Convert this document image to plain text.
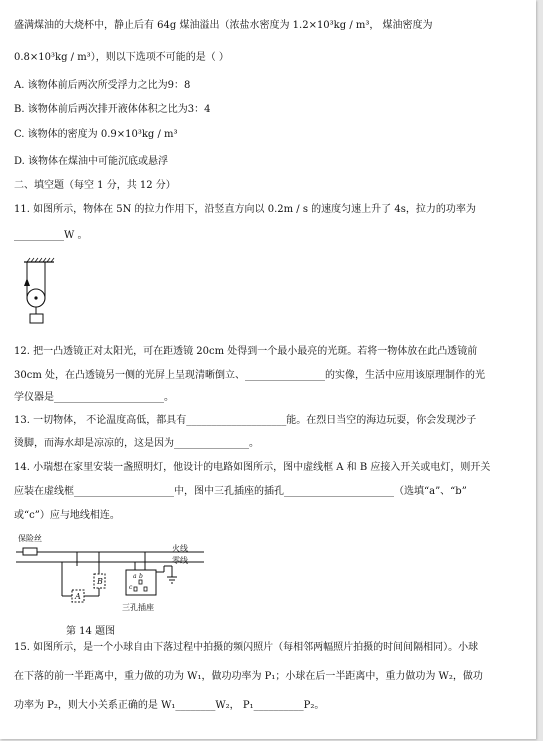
盛满煤油的大烧杯中，静止后有 64g 煤油溢出（浓盐水密度为 1.2×10³kg / m³， 煤油密度为
0.8×10³kg / m³），则以下选项不可能的是（ ）
A. 该物体前后两次所受浮力之比为9：8
B. 该物体前后两次排开液体体积之比为3：4
C. 该物体的密度为 0.9×10³kg / m³
D. 该物体在煤油中可能沉底或悬浮
二、填空题（每空 1 分，共 12 分）
11. 如图所示，物体在 5N 的拉力作用下，沿竖直方向以 0.2m / s 的速度匀速上升了 4s，拉力的功率为
__________W 。
12. 把一凸透镜正对太阳光，可在距透镜 20cm 处得到一个最小最亮的光斑。若将一物体放在此凸透镜前
30cm 处，在凸透镜另一侧的光屏上呈现清晰倒立、________________的实像，生活中应用该原理制作的光
学仪器是______________________。
13. 一切物体， 不论温度高低，都具有____________________能。在烈日当空的海边玩耍，你会发现沙子
烫脚，而海水却是凉凉的，这是因为_______________。
14. 小瑞想在家里安装一盏照明灯，他设计的电路如图所示，图中虚线框 A 和 B 应接入开关或电灯，则开关
应装在虚线框____________________中，图中三孔插座的插孔______________________（选填“a”、“b”
或“c”）应与地线相连。
保险丝
火线
零线
三孔插座
A
B
a b
c
第 14 题图
15. 如图所示，是一个小球自由下落过程中拍摄的频闪照片（每相邻两幅照片拍摄的时间间隔相同）。小球
在下落的前一半距离中，重力做的功为 W₁，做功功率为 P₁；小球在后一半距离中，重力做功为 W₂，做功
功率为 P₂，则大小关系正确的是 W₁________W₂， P₁__________P₂。
